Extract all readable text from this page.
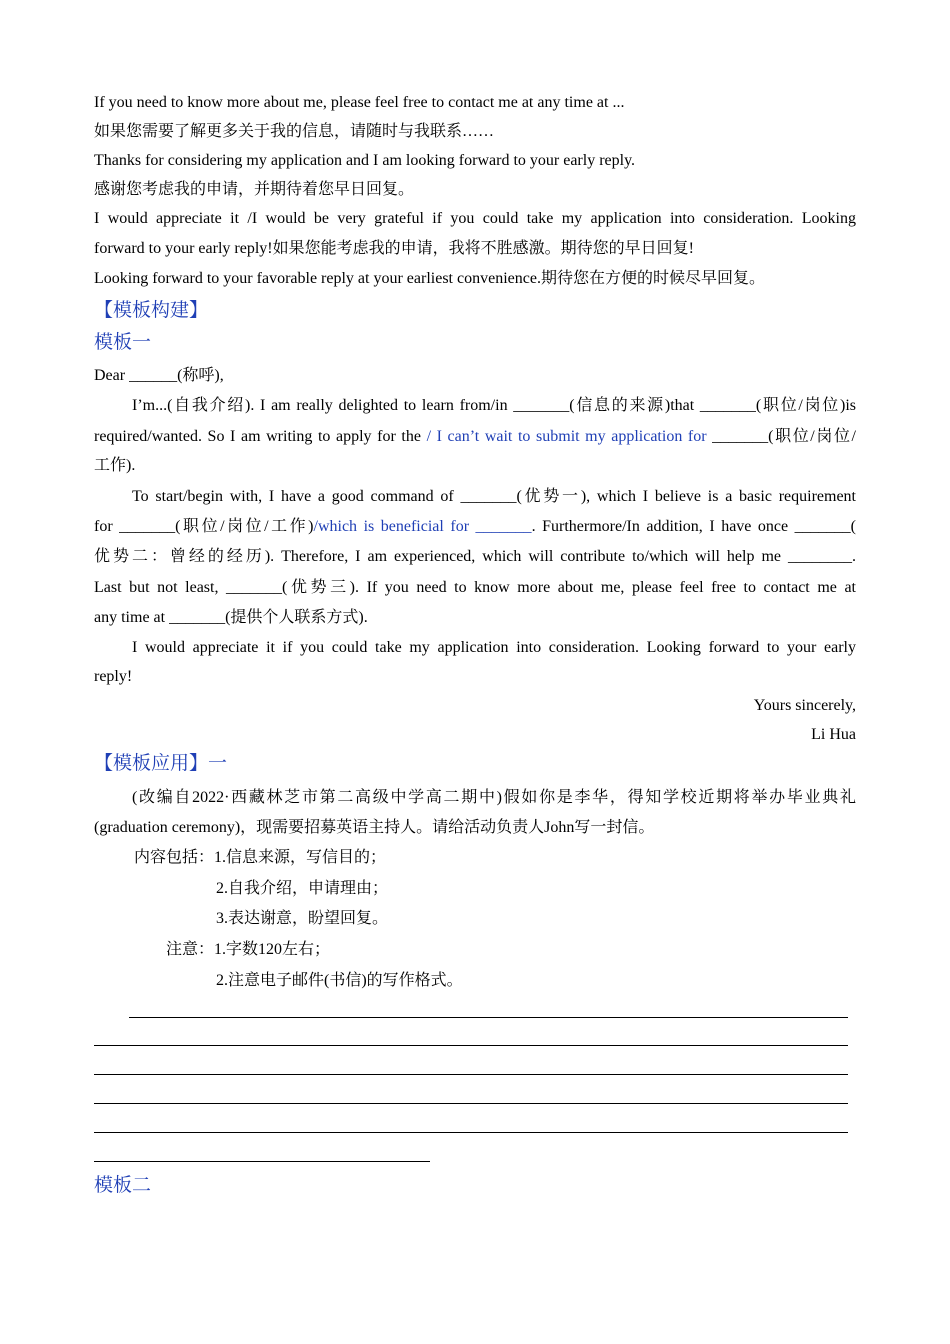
If you need to know more about me, please feel free to contact me at any time at ...
如果您需要了解更多关于我的信息，请随时与我联系……
Thanks for considering my application and I am looking forward to your early reply.
感谢您考虑我的申请，并期待着您早日回复。
I would appreciate it /I would be very grateful if you could take my application into consideration. Looking
forward to your early reply!如果您能考虑我的申请，我将不胜感激。期待您的早日回复!
Looking forward to your favorable reply at your earliest convenience.期待您在方便的时候尽早回复。
【模板构建】
模板一
Dear ______(称呼),
I’m...(自我介绍). I am really delighted to learn from/in _______(信息的来源)that _______(职位/岗位)is
required/wanted. So I am writing to apply for the / I can’t wait to submit my application for _______(职位/岗位/
工作).
To start/begin with, I have a good command of _______(优势一), which I believe is a basic requirement
for _______(职位/岗位/工作)/which is beneficial for _______. Furthermore/In addition, I have once _______(
优势二：曾经的经历). Therefore, I am experienced, which will contribute to/which will help me ________.
Last but not least, _______(优势三). If you need to know more about me, please feel free to contact me at
any time at _______(提供个人联系方式).
I would appreciate it if you could take my application into consideration. Looking forward to your early
reply!
Yours sincerely,
Li Hua
【模板应用】一
(改编自2022·西藏林芝市第二高级中学高二期中)假如你是李华，得知学校近期将举办毕业典礼
(graduation ceremony)，现需要招募英语主持人。请给活动负责人John写一封信。
内容包括：1.信息来源，写信目的；
2.自我介绍，申请理由；
3.表达谢意，盼望回复。
注意：1.字数120左右；
2.注意电子邮件(书信)的写作格式。
模板二
